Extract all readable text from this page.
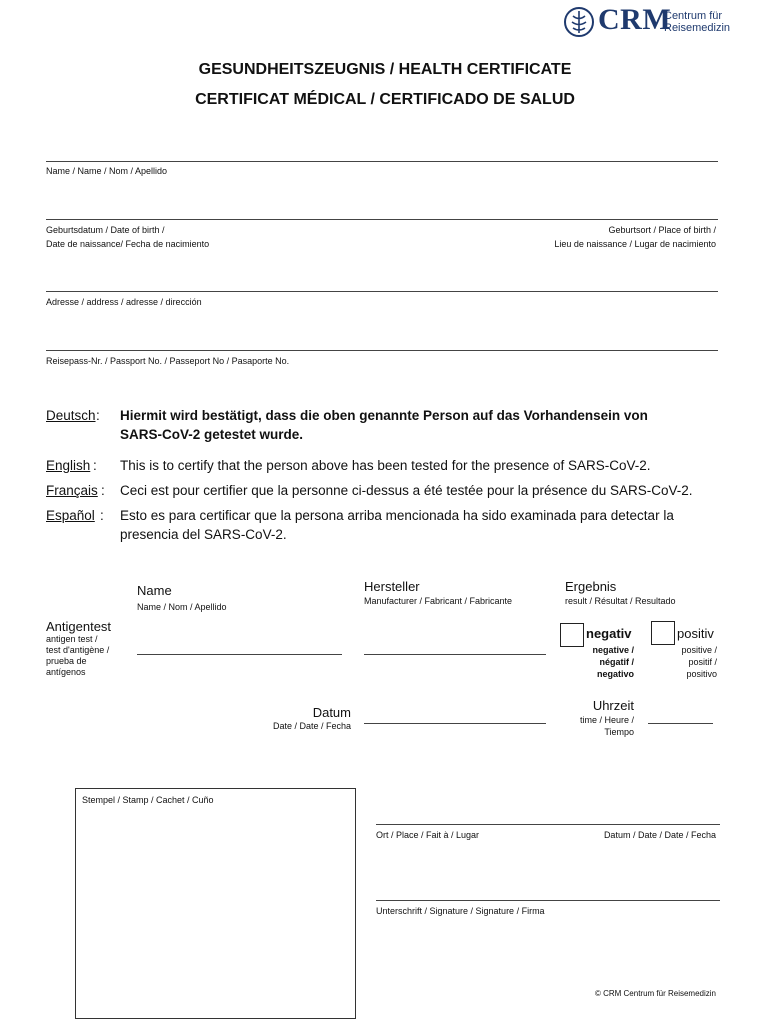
CRM
Centrum für
Reisemedizin
GESUNDHEITSZEUGNIS / HEALTH CERTIFICATE
CERTIFICAT MÉDICAL / CERTIFICADO DE SALUD
Name / Name / Nom / Apellido
Geburtsdatum / Date of birth /
Date de naissance/ Fecha de nacimiento
Geburtsort / Place of birth /
Lieu de naissance / Lugar de nacimiento
Adresse / address / adresse / dirección
Reisepass-Nr. / Passport No. / Passeport No / Pasaporte No.
Deutsch : Hiermit wird bestätigt, dass die oben genannte Person auf das Vorhandensein von
SARS-CoV-2 getestet wurde.
English : This is to certify that the person above has been tested for the presence of SARS-CoV-2.
Français : Ceci est pour certifier que la personne ci-dessus a été testée pour la présence du SARS-CoV-2.
Español : Esto es para certificar que la persona arriba mencionada ha sido examinada para detectar la
presencia del SARS-CoV-2.
Name
Name / Nom / Apellido
Hersteller
Manufacturer / Fabricant / Fabricante
Ergebnis
result / Résultat / Resultado
Antigentest
antigen test /
test d'antigène /
prueba de
antígenos
negativ
negative /
négatif /
negativo
positiv
positive /
positif /
positivo
Datum
Date / Date / Fecha
Uhrzeit
time / Heure /
Tiempo
Stempel / Stamp / Cachet / Cuño
Ort / Place / Fait à / Lugar	Datum / Date / Date / Fecha
Unterschrift / Signature / Signature / Firma
© CRM Centrum für Reisemedizin
